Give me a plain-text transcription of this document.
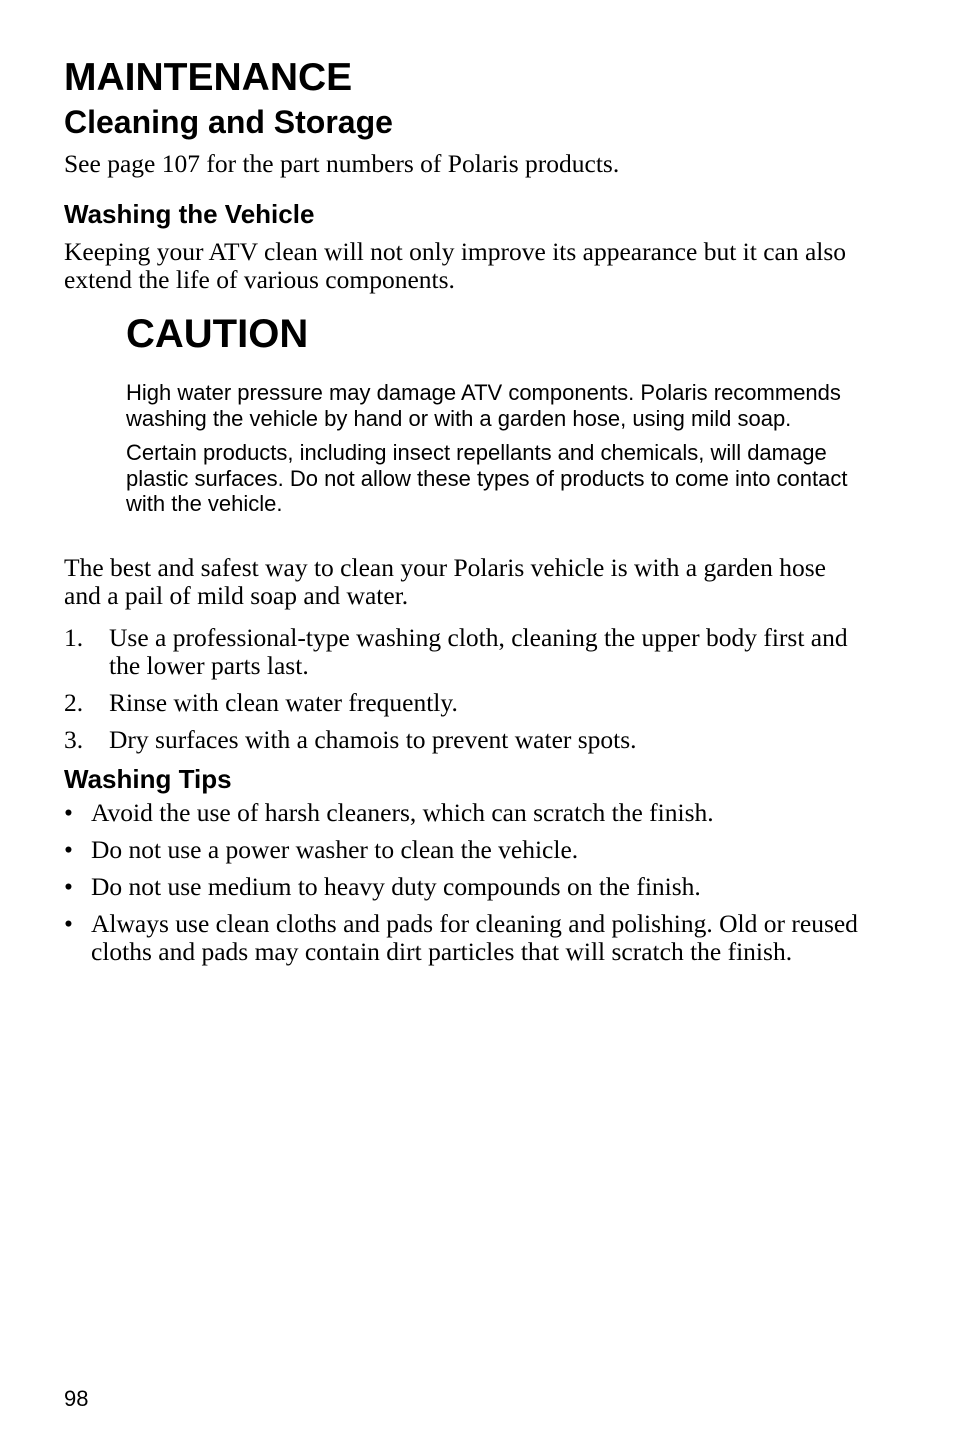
MAINTENANCE
Cleaning and Storage

See page 107 for the part numbers of Polaris products.

Washing the Vehicle

Keeping your ATV clean will not only improve its appearance but it can also extend the life of various components.

CAUTION

High water pressure may damage ATV components. Polaris recommends washing the vehicle by hand or with a garden hose, using mild soap.

Certain products, including insect repellants and chemicals, will damage plastic surfaces. Do not allow these types of products to come into contact with the vehicle.

The best and safest way to clean your Polaris vehicle is with a garden hose and a pail of mild soap and water.

1.	Use a professional‑type washing cloth, cleaning the upper body first and the lower parts last.
2.	Rinse with clean water frequently.
3.	Dry surfaces with a chamois to prevent water spots.
Washing Tips
• Avoid the use of harsh cleaners, which can scratch the finish.
• Do not use a power washer to clean the vehicle.
• Do not use medium to heavy duty compounds on the finish.
• Always use clean cloths and pads for cleaning and polishing. Old or reused cloths and pads may contain dirt particles that will scratch the finish.
98
